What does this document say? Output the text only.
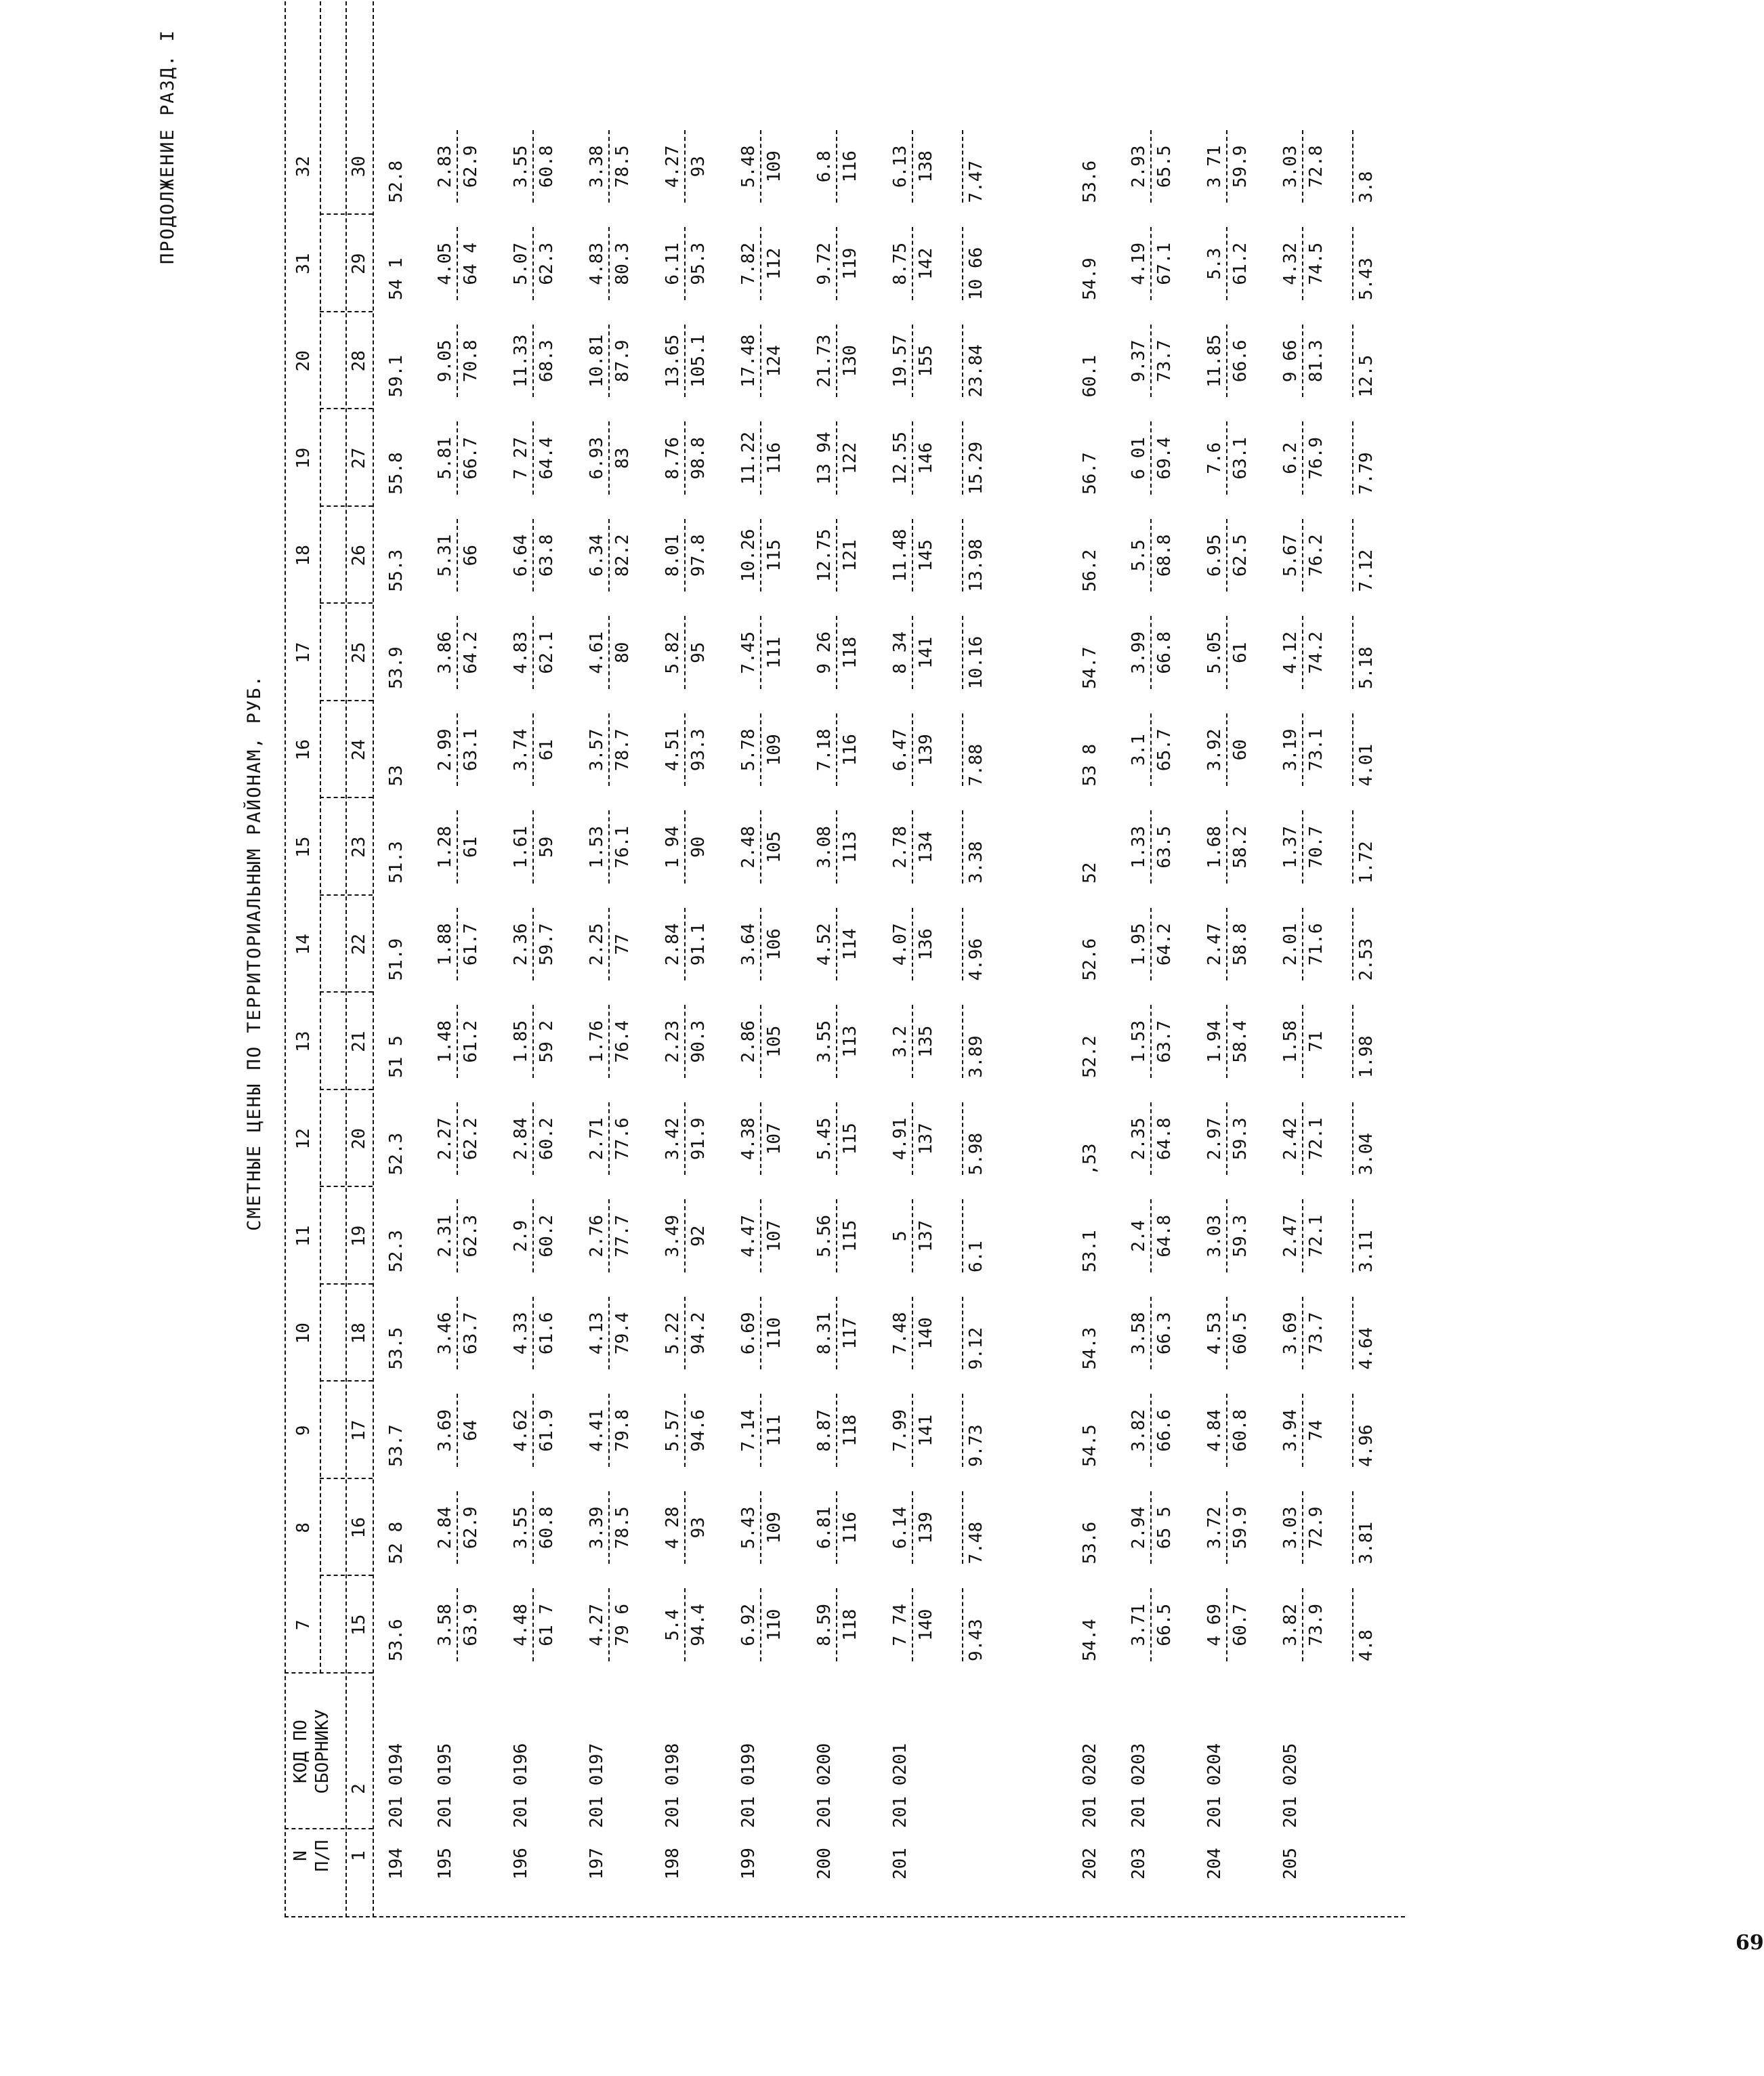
ПРОДОЛЖЕНИЕ РАЗД. I
СМЕТНЫЕ ЦЕНЫ ПО ТЕРРИТОРИАЛЬНЫМ РАЙОНАМ, РУБ.
N П/П
КОД ПО СБОРНИКУ
1
2
7 15
8 16
9 17
10 18
11 19
12 20
13 21
14 22
15 23
16 24
17 25
18 26
19 27
20 28
31 29
32 30
194
201 0194
53.6
52 8
53.7
53.5
52.3
52.3
51 5
51.9
51.3
53
53.9
55.3
55.8
59.1
54 1
52.8
195
201 0195
3.58 63.9
2.84 62.9
3.69 64
3.46 63.7
2.31 62.3
2.27 62.2
1.48 61.2
1.88 61.7
1.28 61
2.99 63.1
3.86 64.2
5.31 66
5.81 66.7
9.05 70.8
4.05 64 4
2.83 62.9
196
201 0196
4.48 61 7
3.55 60.8
4.62 61.9
4.33 61.6
2.9 60.2
2.84 60.2
1.85 59 2
2.36 59.7
1.61 59
3.74 61
4.83 62.1
6.64 63.8
7 27 64.4
11.33 68.3
5.07 62.3
3.55 60.8
197
201 0197
4.27 79 6
3.39 78.5
4.41 79.8
4.13 79.4
2.76 77.7
2.71 77.6
1.76 76.4
2.25 77
1.53 76.1
3.57 78.7
4.61 80
6.34 82.2
6.93 83
10.81 87.9
4.83 80.3
3.38 78.5
198
201 0198
5.4 94.4
4 28 93
5.57 94.6
5.22 94.2
3.49 92
3.42 91.9
2.23 90.3
2.84 91.1
1 94 90
4.51 93.3
5.82 95
8.01 97.8
8.76 98.8
13.65 105.1
6.11 95.3
4.27 93
199
201 0199
6.92 110
5.43 109
7.14 111
6.69 110
4.47 107
4.38 107
2.86 105
3.64 106
2.48 105
5.78 109
7.45 111
10.26 115
11.22 116
17.48 124
7.82 112
5.48 109
200
201 0200
8.59 118
6.81 116
8.87 118
8.31 117
5.56 115
5.45 115
3.55 113
4.52 114
3.08 113
7.18 116
9 26 118
12.75 121
13 94 122
21.73 130
9.72 119
6.8 116
201
201 0201
7 74 140
6.14 139
7.99 141
7.48 140
5 137
4.91 137
3.2 135
4.07 136
2.78 134
6.47 139
8 34 141
11.48 145
12.55 146
19.57 155
8.75 142
6.13 138
9.43
7.48
9.73
9.12
6.1
5.98
3.89
4.96
3.38
7.88
10.16
13.98
15.29
23.84
10 66
7.47
202
201 0202
54.4
53.6
54.5
54.3
53.1
,53
52.2
52.6
52
53 8
54.7
56.2
56.7
60.1
54.9
53.6
203
201 0203
3.71 66.5
2.94 65 5
3.82 66.6
3.58 66.3
2.4 64.8
2.35 64.8
1.53 63.7
1.95 64.2
1.33 63.5
3.1 65.7
3.99 66.8
5.5 68.8
6 01 69.4
9.37 73.7
4.19 67.1
2.93 65.5
204
201 0204
4 69 60.7
3.72 59.9
4.84 60.8
4.53 60.5
3.03 59.3
2.97 59.3
1.94 58.4
2.47 58.8
1.68 58.2
3.92 60
5.05 61
6.95 62.5
7.6 63.1
11.85 66.6
5.3 61.2
3 71 59.9
205
201 0205
3.82 73.9
3.03 72.9
3.94 74
3.69 73.7
2.47 72.1
2.42 72.1
1.58 71
2.01 71.6
1.37 70.7
3.19 73.1
4.12 74.2
5.67 76.2
6.2 76.9
9 66 81.3
4.32 74.5
3.03 72.8
4.8
3.81
4.96
4.64
3.11
3.04
1.98
2.53
1.72
4.01
5.18
7.12
7.79
12.5
5.43
3.8
69
